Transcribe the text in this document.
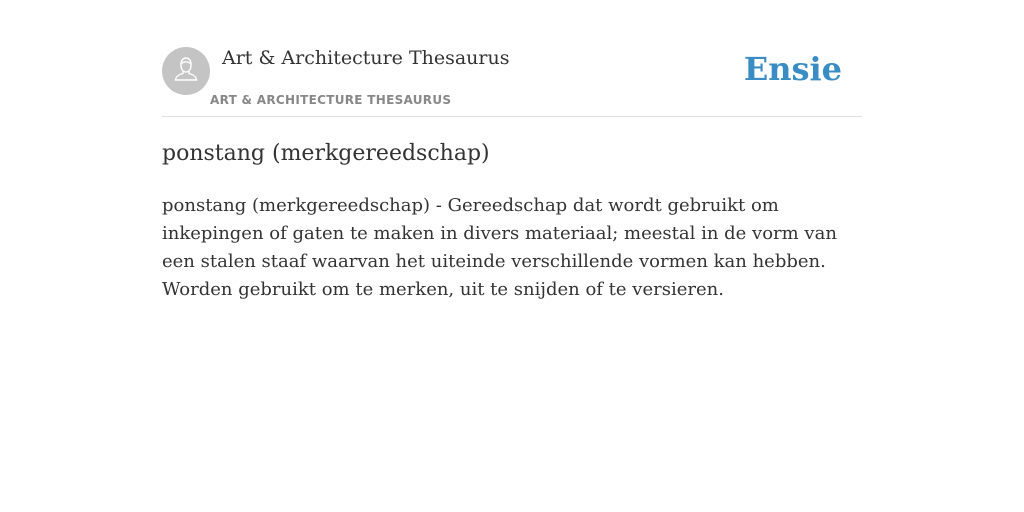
Art & Architecture Thesaurus
ART & ARCHITECTURE THESAURUS
Ensie
ponstang (merkgereedschap)

ponstang (merkgereedschap) - Gereedschap dat wordt gebruikt om inkepingen of gaten te maken in divers materiaal; meestal in de vorm van een stalen staaf waarvan het uiteinde verschillende vormen kan hebben. Worden gebruikt om te merken, uit te snijden of te versieren.
